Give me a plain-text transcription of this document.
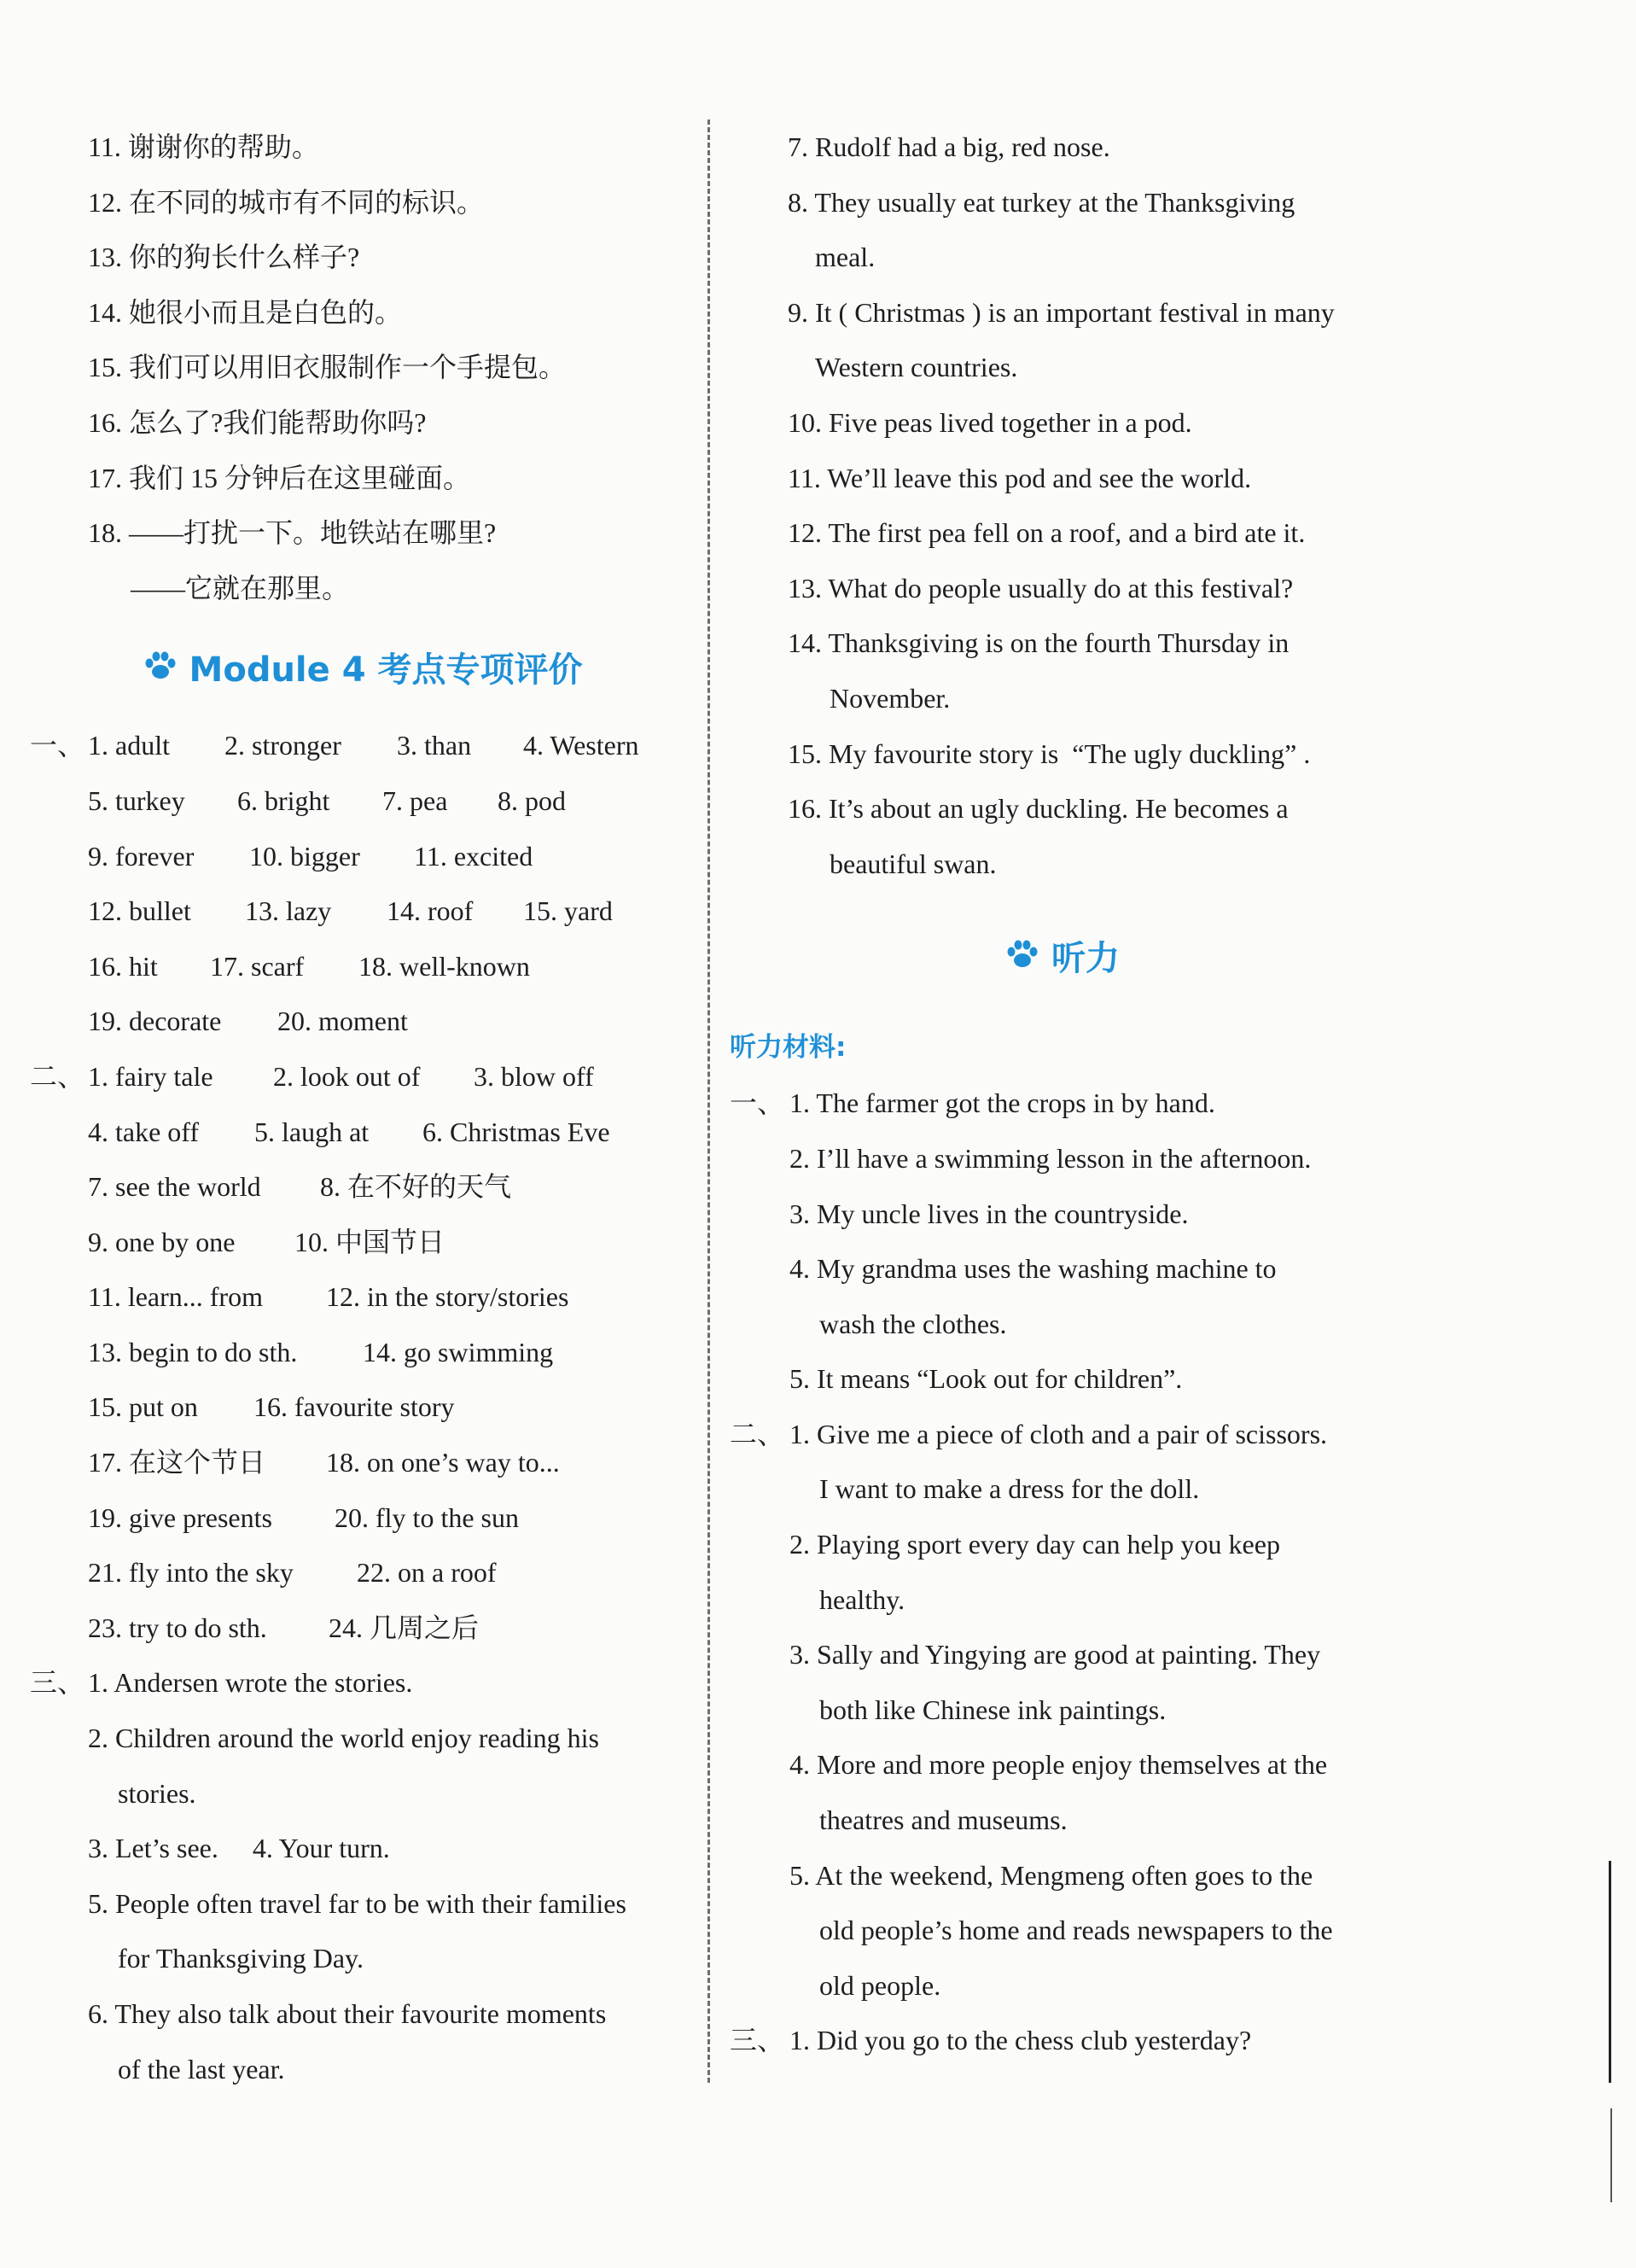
11. 谢谢你的帮助。
12. 在不同的城市有不同的标识。
13. 你的狗长什么样子?
14. 她很小而且是白色的。
15. 我们可以用旧衣服制作一个手提包。
16. 怎么了?我们能帮助你吗?
17. 我们 15 分钟后在这里碰面。
18. ——打扰一下。地铁站在哪里?
——它就在那里。
Module 4 考点专项评价
一、 1. adult 2. stronger 3. than 4. Western
5. turkey 6. bright 7. pea 8. pod
9. forever 10. bigger 11. excited
12. bullet 13. lazy 14. roof 15. yard
16. hit 17. scarf 18. well-known
19. decorate 20. moment
二、 1. fairy tale 2. look out of 3. blow off
4. take off 5. laugh at 6. Christmas Eve
7. see the world 8. 在不好的天气
9. one by one 10. 中国节日
11. learn... from 12. in the story/stories
13. begin to do sth. 14. go swimming
15. put on 16. favourite story
17. 在这个节日 18. on one’s way to...
19. give presents 20. fly to the sun
21. fly into the sky 22. on a roof
23. try to do sth. 24. 几周之后
三、 1. Andersen wrote the stories.
2. Children around the world enjoy reading his
stories.
3. Let’s see.     4. Your turn.
5. People often travel far to be with their families
for Thanksgiving Day.
6. They also talk about their favourite moments
of the last year.
7. Rudolf had a big, red nose.
8. They usually eat turkey at the Thanksgiving
meal.
9. It ( Christmas ) is an important festival in many
Western countries.
10. Five peas lived together in a pod.
11. We’ll leave this pod and see the world.
12. The first pea fell on a roof, and a bird ate it.
13. What do people usually do at this festival?
14. Thanksgiving is on the fourth Thursday in
November.
15. My favourite story is  “The ugly duckling” .
16. It’s about an ugly duckling. He becomes a
beautiful swan.
听力
听力材料:
一、 1. The farmer got the crops in by hand.
2. I’ll have a swimming lesson in the afternoon.
3. My uncle lives in the countryside.
4. My grandma uses the washing machine to
wash the clothes.
5. It means “Look out for children”.
二、 1. Give me a piece of cloth and a pair of scissors.
I want to make a dress for the doll.
2. Playing sport every day can help you keep
healthy.
3. Sally and Yingying are good at painting. They
both like Chinese ink paintings.
4. More and more people enjoy themselves at the
theatres and museums.
5. At the weekend, Mengmeng often goes to the
old people’s home and reads newspapers to the
old people.
三、 1. Did you go to the chess club yesterday?
